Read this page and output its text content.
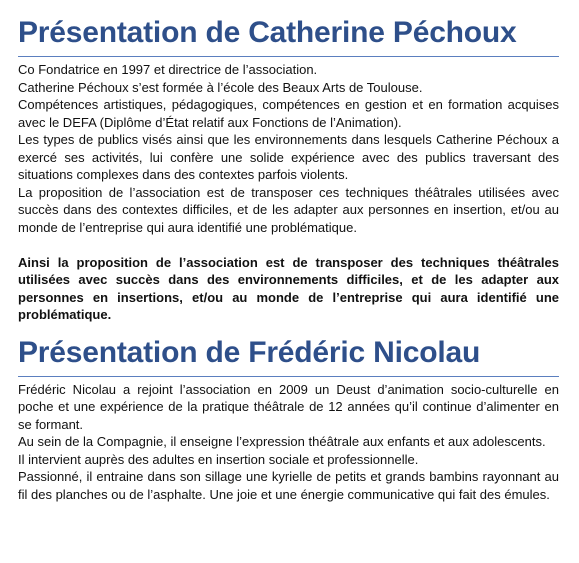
Présentation de Catherine Péchoux

Co Fondatrice en 1997 et directrice de l’association.

Catherine Péchoux s’est formée à l’école des Beaux Arts de Toulouse.

Compétences artistiques, pédagogiques, compétences en gestion et en formation acquises avec le DEFA (Diplôme d’État relatif aux Fonctions de l’Animation).

Les types de publics visés ainsi que les environnements dans lesquels Catherine Péchoux a exercé ses activités, lui confère une solide expérience avec des publics traversant des situations complexes dans des contextes parfois violents.

La proposition de l’association est de transposer ces techniques théâtrales utilisées avec succès dans des contextes difficiles, et de les adapter aux personnes en insertion, et/ou au monde de l’entreprise qui aura identifié une problématique.

Ainsi la proposition de l’association est de transposer des techniques théâtrales utilisées avec succès dans des environnements difficiles, et de les adapter aux personnes en insertions, et/ou au monde de l’entreprise qui aura identifié une problématique.

Présentation de Frédéric Nicolau

Frédéric Nicolau a rejoint l’association en 2009 un Deust d’animation socio-culturelle en poche et une expérience de la pratique théâtrale de 12 années qu’il continue d’alimenter en se formant.

Au sein de la Compagnie, il enseigne l’expression théâtrale aux enfants et aux adolescents.

Il intervient auprès des adultes en insertion sociale et professionnelle.

Passionné, il entraine dans son sillage une kyrielle de petits et grands bambins rayonnant au fil des planches ou de l’asphalte. Une joie et une énergie communicative qui fait des émules.
